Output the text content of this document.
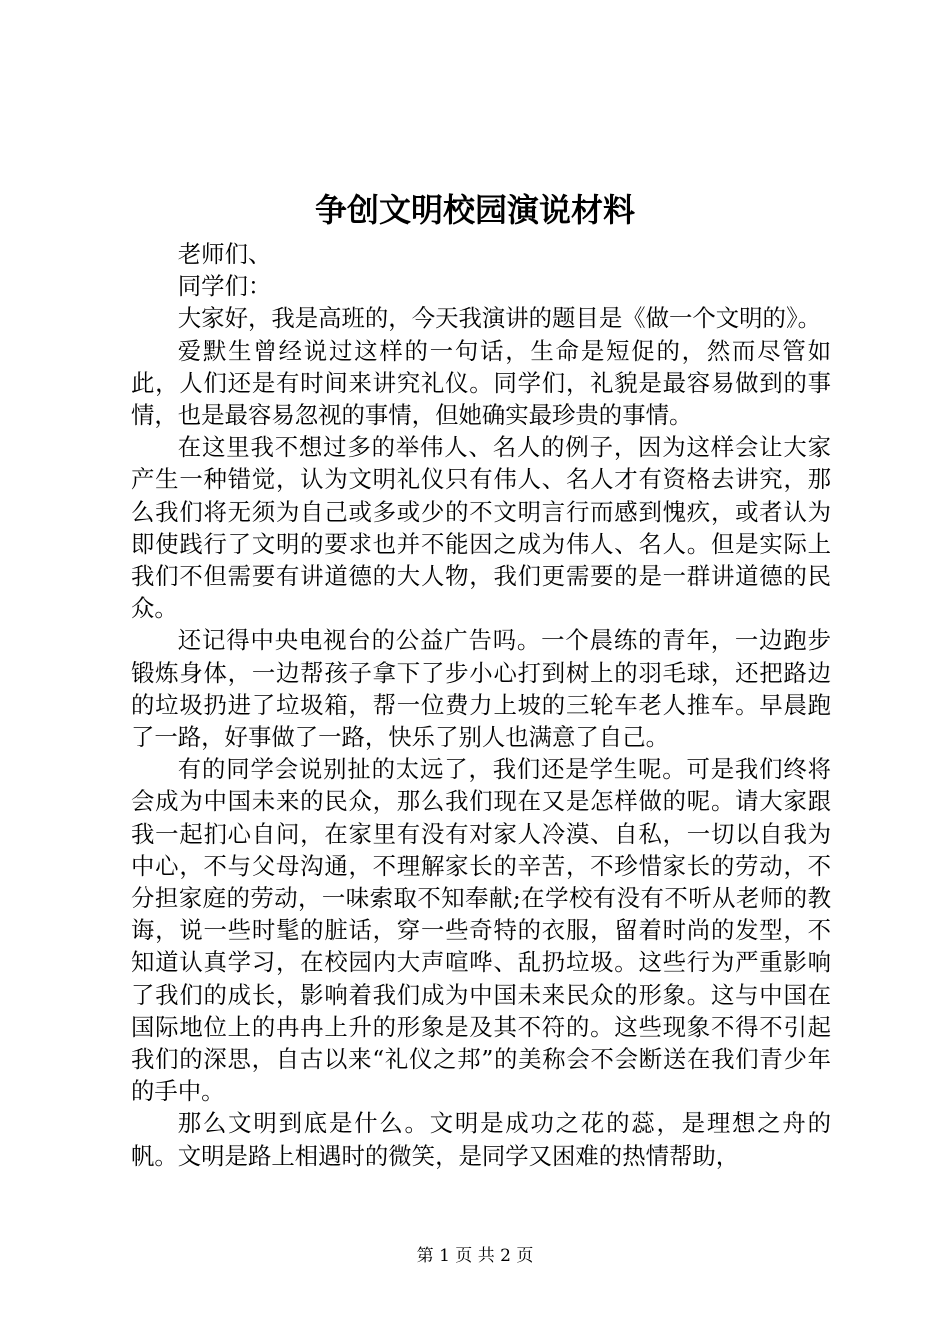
争创文明校园演说材料

老师们、

同学们：

大家好，我是高班的，今天我演讲的题目是《做一个文明的》。

爱默生曾经说过这样的一句话，生命是短促的，然而尽管如此，人们还是有时间来讲究礼仪。同学们，礼貌是最容易做到的事情，也是最容易忽视的事情，但她确实最珍贵的事情。

在这里我不想过多的举伟人、名人的例子，因为这样会让大家产生一种错觉，认为文明礼仪只有伟人、名人才有资格去讲究，那么我们将无须为自己或多或少的不文明言行而感到愧疚，或者认为即使践行了文明的要求也并不能因之成为伟人、名人。但是实际上我们不但需要有讲道德的大人物，我们更需要的是一群讲道德的民众。

还记得中央电视台的公益广告吗。一个晨练的青年，一边跑步锻炼身体，一边帮孩子拿下了步小心打到树上的羽毛球，还把路边的垃圾扔进了垃圾箱，帮一位费力上坡的三轮车老人推车。早晨跑了一路，好事做了一路，快乐了别人也满意了自己。

有的同学会说别扯的太远了，我们还是学生呢。可是我们终将会成为中国未来的民众，那么我们现在又是怎样做的呢。请大家跟我一起扪心自问，在家里有没有对家人冷漠、自私，一切以自我为中心，不与父母沟通，不理解家长的辛苦，不珍惜家长的劳动，不分担家庭的劳动，一味索取不知奉献;在学校有没有不听从老师的教诲，说一些时髦的脏话，穿一些奇特的衣服，留着时尚的发型，不知道认真学习，在校园内大声喧哗、乱扔垃圾。这些行为严重影响了我们的成长，影响着我们成为中国未来民众的形象。这与中国在国际地位上的冉冉上升的形象是及其不符的。这些现象不得不引起我们的深思，自古以来“礼仪之邦”的美称会不会断送在我们青少年的手中。

那么文明到底是什么。文明是成功之花的蕊，是理想之舟的帆。文明是路上相遇时的微笑，是同学又困难的热情帮助，

第 1 页 共 2 页
